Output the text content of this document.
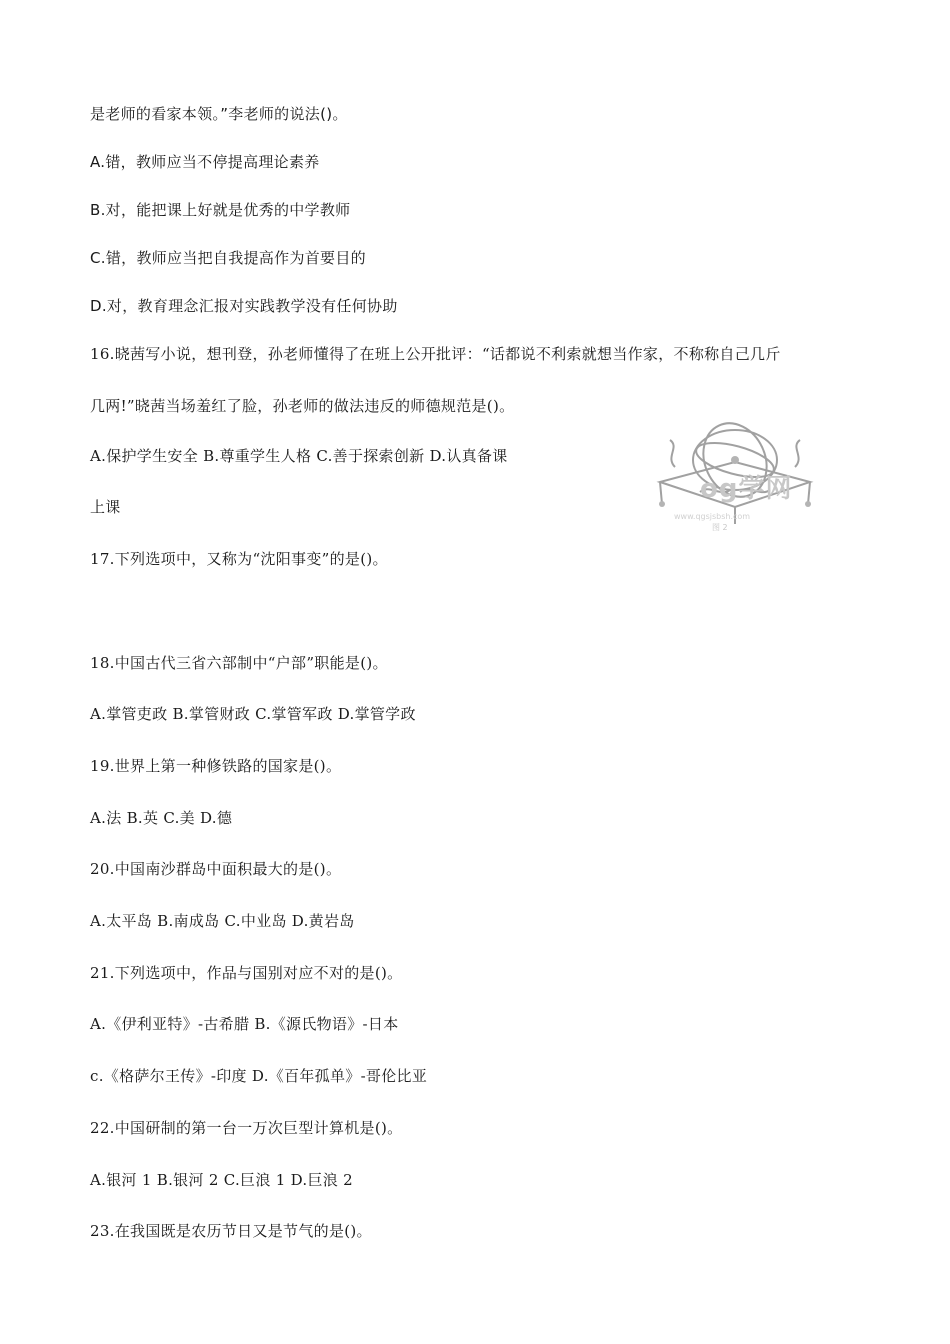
是老师的看家本领。”李老师的说法()。

A.错，教师应当不停提高理论素养

B.对，能把课上好就是优秀的中学教师

C.错，教师应当把自我提高作为首要目的

D.对，教育理念汇报对实践教学没有任何协助

16.晓茜写小说，想刊登，孙老师懂得了在班上公开批评：“话都说不利索就想当作家，不称称自己几斤

几两!”晓茜当场羞红了脸，孙老师的做法违反的师德规范是()。

A.保护学生安全 B.尊重学生人格 C.善于探索创新 D.认真备课

上课

17.下列选项中，又称为“沈阳事变”的是()。

18.中国古代三省六部制中“户部”职能是()。

A.掌管吏政 B.掌管财政 C.掌管军政 D.掌管学政

19.世界上第一种修铁路的国家是()。

A.法 B.英 C.美 D.德

20.中国南沙群岛中面积最大的是()。

A.太平岛 B.南成岛 C.中业岛 D.黄岩岛

21.下列选项中，作品与国别对应不对的是()。

A.《伊利亚特》-古希腊 B.《源氏物语》-日本

c.《格萨尔王传》-印度 D.《百年孤单》-哥伦比亚

22.中国研制的第一台一万次巨型计算机是()。

A.银河 1 B.银河 2 C.巨浪 1 D.巨浪 2

23.在我国既是农历节日又是节气的是()。

og学网
www.qgsjsbsh.com
图 2
